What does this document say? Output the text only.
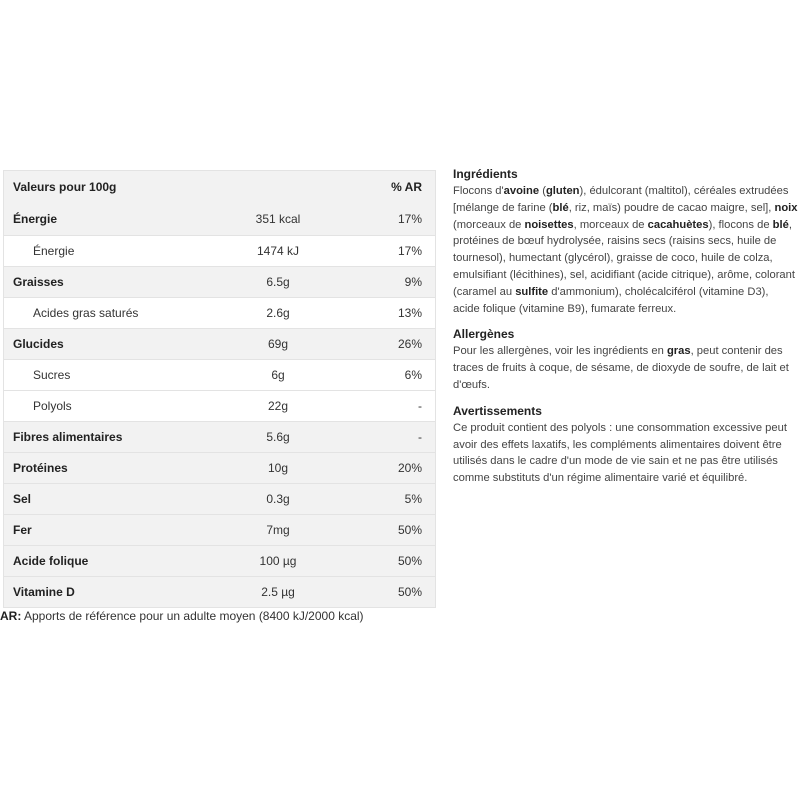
Valeurs pour 100g	% AR
Énergie	351 kcal	17%
Énergie	1474 kJ	17%
Graisses	6.5g	9%
Acides gras saturés	2.6g	13%
Glucides	69g	26%
Sucres	6g	6%
Polyols	22g	-
Fibres alimentaires	5.6g	-
Protéines	10g	20%
Sel	0.3g	5%
Fer	7mg	50%
Acide folique	100 µg	50%
Vitamine D	2.5 µg	50%
AR: Apports de référence pour un adulte moyen (8400 kJ/2000 kcal)
Ingrédients

Flocons d'avoine (gluten), édulcorant (maltitol), céréales extrudées [mélange de farine (blé, riz, maïs) poudre de cacao maigre, sel], noix (morceaux de noisettes, morceaux de cacahuètes), flocons de blé, protéines de bœuf hydrolysée, raisins secs (raisins secs, huile de tournesol), humectant (glycérol), graisse de coco, huile de colza, emulsifiant (lécithines), sel, acidifiant (acide citrique), arôme, colorant (caramel au sulfite d'ammonium), cholécalciférol (vitamine D3), acide folique (vitamine B9), fumarate ferreux.

Allergènes

Pour les allergènes, voir les ingrédients en gras, peut contenir des traces de fruits à coque, de sésame, de dioxyde de soufre, de lait et d'œufs.

Avertissements

Ce produit contient des polyols : une consommation excessive peut avoir des effets laxatifs, les compléments alimentaires doivent être utilisés dans le cadre d'un mode de vie sain et ne pas être utilisés comme substituts d'un régime alimentaire varié et équilibré.
